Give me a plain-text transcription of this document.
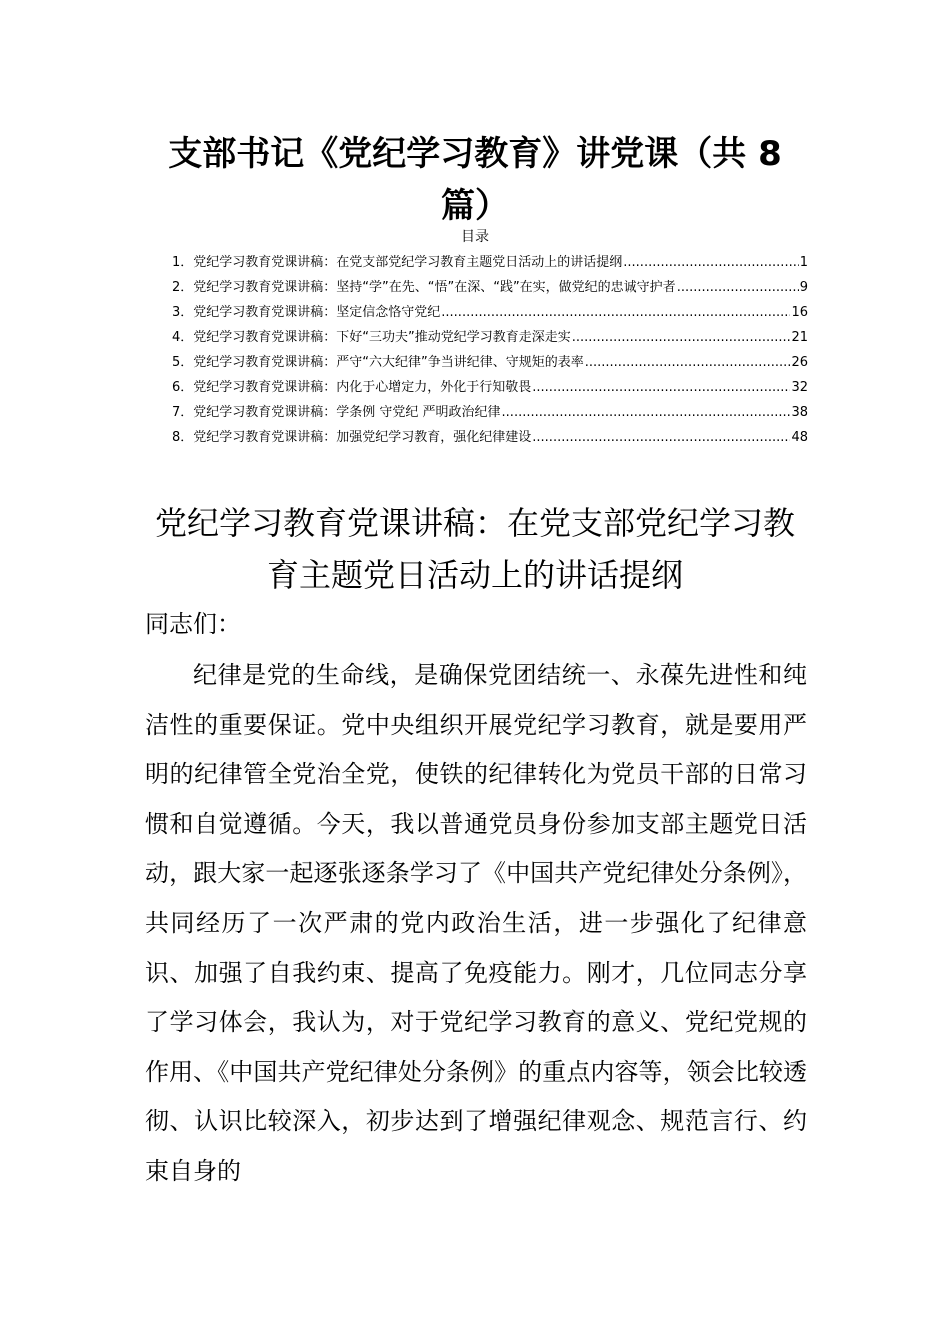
支部书记《党纪学习教育》讲党课（共 8 篇）
目录
1．党纪学习教育党课讲稿：在党支部党纪学习教育主题党日活动上的讲话提纲 .....	1
2．党纪学习教育党课讲稿：坚持“学”在先、“悟”在深、“践”在实，做党纪的忠诚守护者 .....	9
3．党纪学习教育党课讲稿：坚定信念恪守党纪 .....	16
4．党纪学习教育党课讲稿：下好“三功夫”推动党纪学习教育走深走实 .....	21
5．党纪学习教育党课讲稿：严守“六大纪律”争当讲纪律、守规矩的表率 .....	26
6．党纪学习教育党课讲稿：内化于心增定力，外化于行知敬畏 .....	32
7．党纪学习教育党课讲稿：学条例 守党纪 严明政治纪律 .....	38
8．党纪学习教育党课讲稿：加强党纪学习教育，强化纪律建设 .....	48
党纪学习教育党课讲稿：在党支部党纪学习教育主题党日活动上的讲话提纲
同志们：

纪律是党的生命线，是确保党团结统一、永葆先进性和纯洁性的重要保证。党中央组织开展党纪学习教育，就是要用严明的纪律管全党治全党，使铁的纪律转化为党员干部的日常习惯和自觉遵循。今天，我以普通党员身份参加支部主题党日活动，跟大家一起逐张逐条学习了《中国共产党纪律处分条例》，共同经历了一次严肃的党内政治生活，进一步强化了纪律意识、加强了自我约束、提高了免疫能力。刚才，几位同志分享了学习体会，我认为，对于党纪学习教育的意义、党纪党规的作用、《中国共产党纪律处分条例》的重点内容等，领会比较透彻、认识比较深入，初步达到了增强纪律观念、规范言行、约束自身的
